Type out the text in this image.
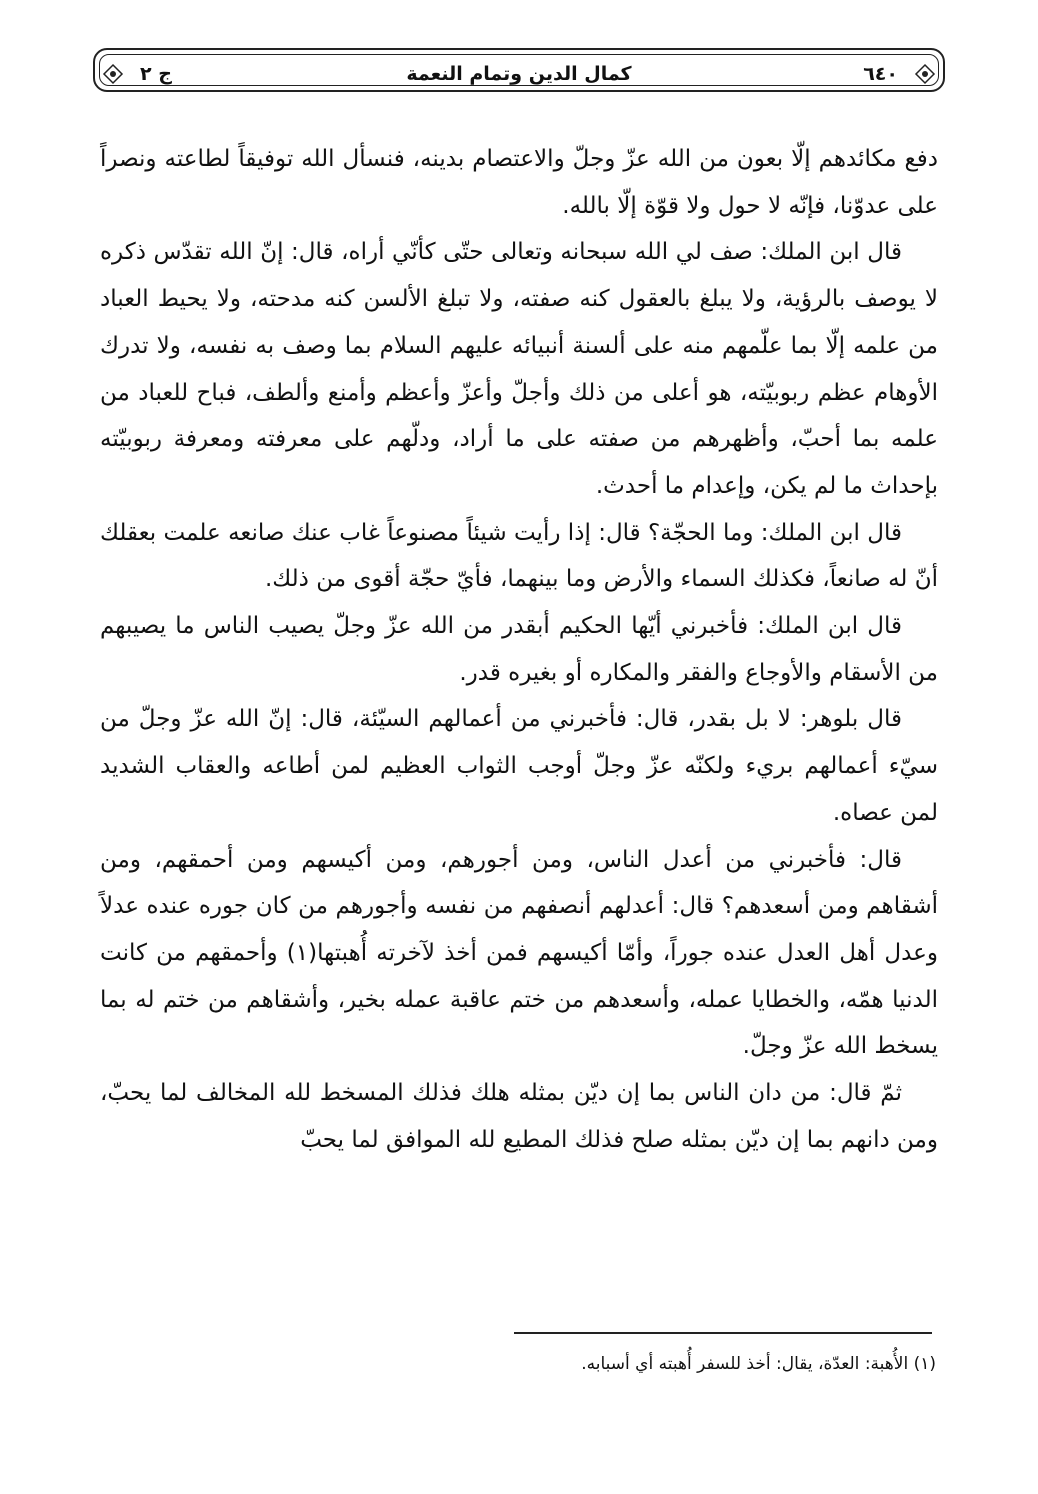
ج ٢	كمال الدين وتمام النعمة	٦٤٠

دفع مكائدهم إلّا بعون من الله عزّ وجلّ والاعتصام بدينه، فنسأل الله توفيقاً لطاعته ونصراً على عدوّنا، فإنّه لا حول ولا قوّة إلّا بالله.

قال ابن الملك: صف لي الله سبحانه وتعالى حتّى كأنّي أراه، قال: إنّ الله تقدّس ذكره لا يوصف بالرؤية، ولا يبلغ بالعقول كنه صفته، ولا تبلغ الألسن كنه مدحته، ولا يحيط العباد من علمه إلّا بما علّمهم منه على ألسنة أنبيائه عليهم السلام بما وصف به نفسه، ولا تدرك الأوهام عظم ربوبيّته، هو أعلى من ذلك وأجلّ وأعزّ وأعظم وأمنع وألطف، فباح للعباد من علمه بما أحبّ، وأظهرهم من صفته على ما أراد، ودلّهم على معرفته ومعرفة ربوبيّته بإحداث ما لم يكن، وإعدام ما أحدث.

قال ابن الملك: وما الحجّة؟ قال: إذا رأيت شيئاً مصنوعاً غاب عنك صانعه علمت بعقلك أنّ له صانعاً، فكذلك السماء والأرض وما بينهما، فأيّ حجّة أقوى من ذلك.

قال ابن الملك: فأخبرني أيّها الحكيم أبقدر من الله عزّ وجلّ يصيب الناس ما يصيبهم من الأسقام والأوجاع والفقر والمكاره أو بغيره قدر.

قال بلوهر: لا بل بقدر، قال: فأخبرني من أعمالهم السيّئة، قال: إنّ الله عزّ وجلّ من سيّء أعمالهم بريء ولكنّه عزّ وجلّ أوجب الثواب العظيم لمن أطاعه والعقاب الشديد لمن عصاه.

قال: فأخبرني من أعدل الناس، ومن أجورهم، ومن أكيسهم ومن أحمقهم، ومن أشقاهم ومن أسعدهم؟ قال: أعدلهم أنصفهم من نفسه وأجورهم من كان جوره عنده عدلاً وعدل أهل العدل عنده جوراً، وأمّا أكيسهم فمن أخذ لآخرته أُهبتها(١) وأحمقهم من كانت الدنيا همّه، والخطايا عمله، وأسعدهم من ختم عاقبة عمله بخير، وأشقاهم من ختم له بما يسخط الله عزّ وجلّ.

ثمّ قال: من دان الناس بما إن ديّن بمثله هلك فذلك المسخط لله المخالف لما يحبّ، ومن دانهم بما إن ديّن بمثله صلح فذلك المطيع لله الموافق لما يحبّ

(١) الأُهبة: العدّة، يقال: أخذ للسفر أُهبته أي أسبابه.
